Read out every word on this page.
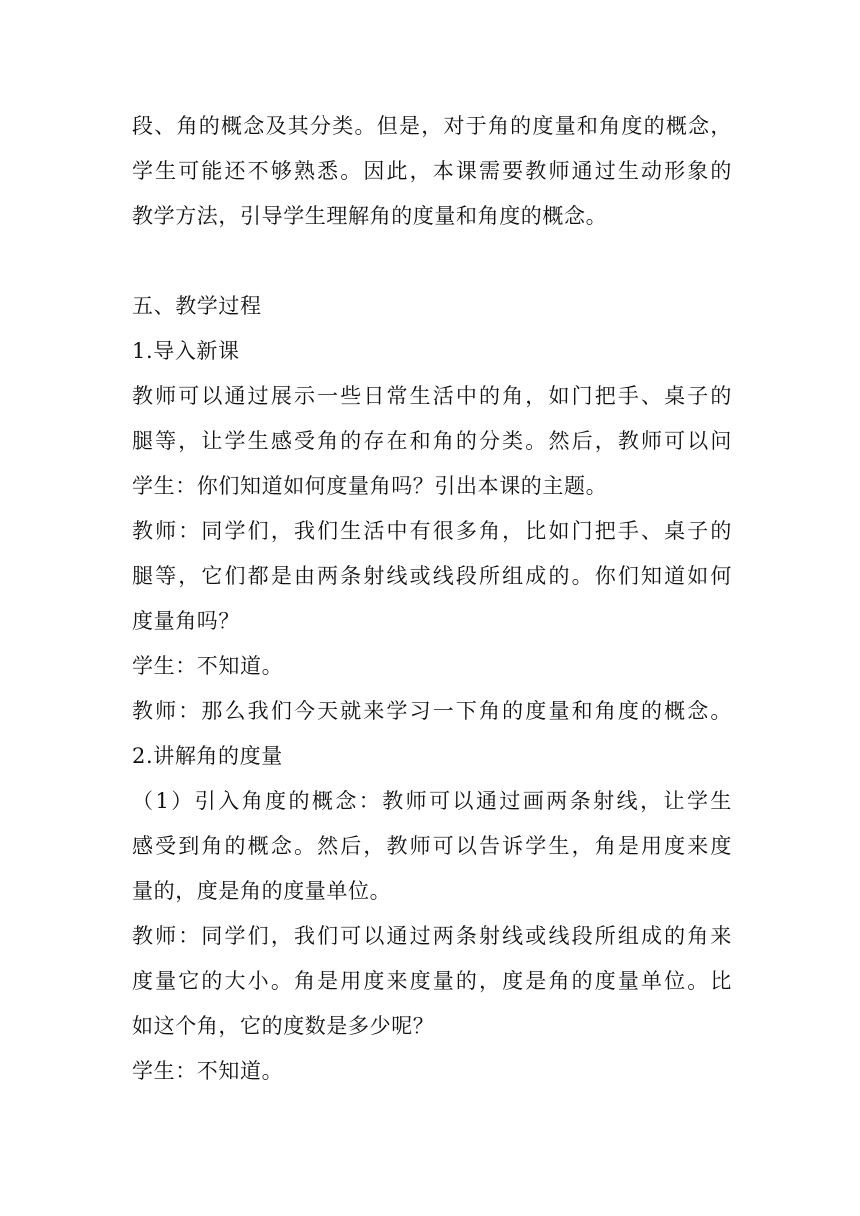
段、角的概念及其分类。但是，对于角的度量和角度的概念，
学生可能还不够熟悉。因此，本课需要教师通过生动形象的
教学方法，引导学生理解角的度量和角度的概念。
五、教学过程
1.导入新课
教师可以通过展示一些日常生活中的角，如门把手、桌子的
腿等，让学生感受角的存在和角的分类。然后，教师可以问
学生：你们知道如何度量角吗？引出本课的主题。
教师：同学们，我们生活中有很多角，比如门把手、桌子的
腿等，它们都是由两条射线或线段所组成的。你们知道如何
度量角吗？
学生：不知道。
教师：那么我们今天就来学习一下角的度量和角度的概念。
2.讲解角的度量
（1）引入角度的概念：教师可以通过画两条射线，让学生
感受到角的概念。然后，教师可以告诉学生，角是用度来度
量的，度是角的度量单位。
教师：同学们，我们可以通过两条射线或线段所组成的角来
度量它的大小。角是用度来度量的，度是角的度量单位。比
如这个角，它的度数是多少呢？
学生：不知道。
